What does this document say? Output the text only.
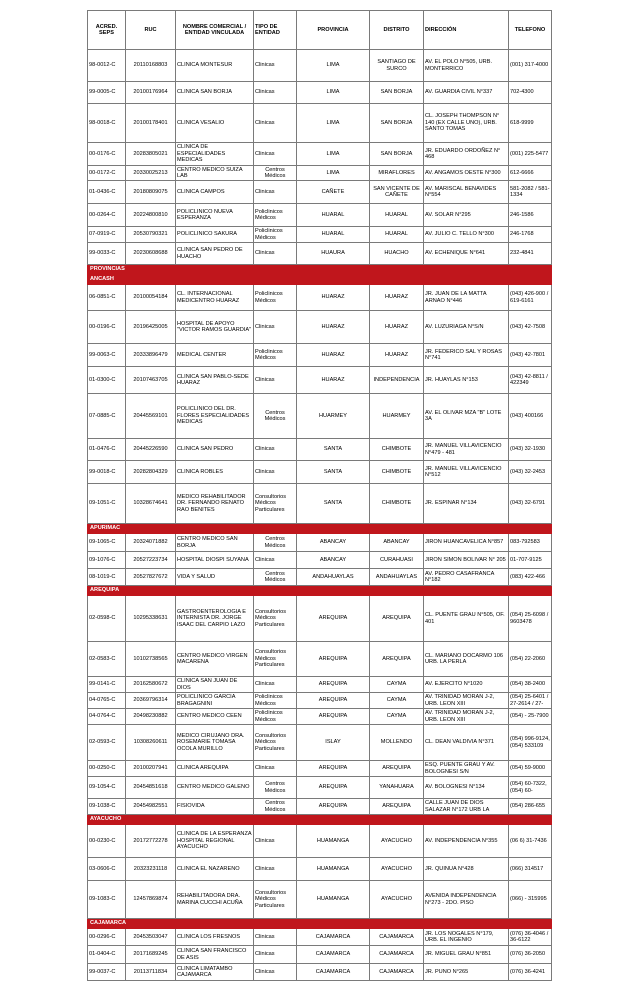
ACRED. SEPS	RUC	NOMBRE COMERCIAL / ENTIDAD VINCULADA	TIPO DE ENTIDAD	PROVINCIA	DISTRITO	DIRECCIÓN	TELEFONO
98-0012-C	20110168803	CLINICA MONTESUR	Clinicas	LIMA	SANTIAGO DE SURCO	AV. EL POLO N°505, URB. MONTERRICO	(001) 317-4000
99-0005-C	20100176964	CLINICA SAN BORJA	Clinicas	LIMA	SAN BORJA	AV. GUARDIA CIVIL N°337	702-4300
98-0018-C	20100178401	CLINICA VESALIO	Clinicas	LIMA	SAN BORJA	CL. JOSEPH THOMPSON N° 140 (EX CALLE UNO), URB. SANTO TOMAS	618-9999
00-0176-C	20283805021	CLINICA DE ESPECIALIDADES MEDICAS	Clinicas	LIMA	SAN BORJA	JR. EDUARDO ORDOÑEZ N° 468	(001) 225-5477
00-0172-C	20330025213	CENTRO MEDICO SUIZA LAB	Centros Médicos	LIMA	MIRAFLORES	AV. ANGAMOS OESTE N°300	612-6666
01-0436-C	20180809075	CLINICA CAMPOS	Clinicas	CAÑETE	SAN VICENTE DE CAÑETE	AV. MARISCAL BENAVIDES N°554	581-2082 / 581-1334
00-0264-C	20224800810	POLICLINICO NUEVA ESPERANZA	Policlinicos Médicos	HUARAL	HUARAL	AV. SOLAR N°295	246-1586
07-0919-C	20530790321	POLICLINICO SAKURA	Policlinicos Médicos	HUARAL	HUARAL	AV. JULIO C. TELLO N°300	246-1768
99-0033-C	20230608688	CLINICA SAN PEDRO DE HUACHO	Clinicas	HUAURA	HUACHO	AV. ECHENIQUE N°641	232-4841
PROVINCIAS							
ANCASH							
06-0851-C	20100054184	CL. INTERNACIONAL MEDICENTRO HUARAZ	Policlinicos Médicos	HUARAZ	HUARAZ	JR. JUAN DE LA MATTA ARNAO N°446	(043) 426-900 / 619-6161
00-0196-C	20196425005	HOSPITAL DE APOYO "VICTOR RAMOS GUARDIA"	Clinicas	HUARAZ	HUARAZ	AV. LUZURIAGA N°S/N	(043) 42-7508
99-0063-C	20333896479	MEDICAL CENTER	Policlinicos Médicos	HUARAZ	HUARAZ	JR. FEDERICO SAL Y ROSAS N°741	(043) 42-7801
01-0300-C	20107463705	CLINICA SAN PABLO-SEDE HUARAZ	Clinicas	HUARAZ	INDEPENDENCIA	JR. HUAYLAS N°153	(043) 42-8811 / 422349
07-0885-C	20445569101	POLICLINICO DEL DR. FLORES ESPECIALIDADES MEDICAS	Centros Médicos	HUARMEY	HUARMEY	AV. EL OLIVAR MZA "B" LOTE 3A	(043) 400166
01-0476-C	20445226590	CLINICA SAN PEDRO	Clinicas	SANTA	CHIMBOTE	JR. MANUEL VILLAVICENCIO N°479 - 481	(043) 32-1930
99-0018-C	20282804329	CLINICA ROBLES	Clinicas	SANTA	CHIMBOTE	JR. MANUEL VILLAVICENCIO N°512	(043) 32-2453
09-1051-C	10328674641	MEDICO REHABILITADOR DR. FERNANDO RENATO RAO BENITES	Consultorios Médicos Particulares	SANTA	CHIMBOTE	JR. ESPINAR N°134	(043) 32-6791
APURIMAC							
09-1065-C	20324071882	CENTRO MEDICO SAN BORJA	Centros Médicos	ABANCAY	ABANCAY	JIRON HUANCAVELICA N°857	083-792583
09-1076-C	20527223734	HOSPITAL DIOSPI SUYANA	Clinicas	ABANCAY	CURAHUASI	JIRON SIMON BOLIVAR N° 205	01-707-9125
08-1019-C	20527827672	VIDA Y SALUD	Centros Médicos	ANDAHUAYLAS	ANDAHUAYLAS	AV. PEDRO CASAFRANCA N°182	(083) 422-466
AREQUIPA							
02-0598-C	10295338631	GASTROENTEROLOGIA E INTERNISTA DR. JORGE ISAAC DEL CARPIO LAZO	Consultorios Médicos Particulares	AREQUIPA	AREQUIPA	CL. PUENTE GRAU N°505, OF. 401	(054) 25-6098 / 9603478
02-0583-C	10102738565	CENTRO MEDICO VIRGEN MACARENA	Consultorios Médicos Particulares	AREQUIPA	AREQUIPA	CL. MARIANO DOCARMO 106 URB. LA PERLA	(054) 22-2060
99-0141-C	20162580672	CLINICA SAN JUAN DE DIOS	Clinicas	AREQUIPA	CAYMA	AV. EJERCITO N°1020	(054) 38-2400
04-0765-C	20369796314	POLICLINICO GARCIA BRAGAGNINI	Policlinicos Médicos	AREQUIPA	CAYMA	AV. TRINIDAD MORAN J-2, URB. LEON XIII	(054) 25-6401 / 27-2614 / 27-
04-0764-C	20498230882	CENTRO MEDICO CEEN	Policlinicos Médicos	AREQUIPA	CAYMA	AV. TRINIDAD MORAN J-2, URB. LEON XIII	(054) - 25-7900
02-0593-C	10308260611	MEDICO CIRUJANO DRA. ROSEMARIE TOMASA OCOLA MURILLO	Consultorios Médicos Particulares	ISLAY	MOLLENDO	CL. DEAN VALDIVIA N°371	(054) 996-9124,(054) 533109
00-0250-C	20100207941	CLINICA AREQUIPA	Clinicas	AREQUIPA	AREQUIPA	ESQ. PUENTE GRAU Y AV. BOLOGNESI S/N	(054) 59-9000
09-1054-C	20454851618	CENTRO MEDICO GALENO	Centros Médicos	AREQUIPA	YANAHUARA	AV. BOLOGNESI N°134	(054) 60-7322,(054) 60-
09-1038-C	20454982551	FISIOVIDA	Centros Médicos	AREQUIPA	AREQUIPA	CALLE JUAN DE DIOS SALAZAR N°172 URB LA	(054) 286-655
AYACUCHO							
00-0230-C	20172772278	CLINICA DE LA ESPERANZA HOSPITAL REGIONAL AYACUCHO	Clinicas	HUAMANGA	AYACUCHO	AV. INDEPENDENCIA N°355	(06 6) 31-7436
03-0606-C	20323231118	CLINICA EL NAZARENO	Clinicas	HUAMANGA	AYACUCHO	JR. QUINUA N°428	(066) 314517
09-1083-C	12457869874	REHABILITADORA DRA. MARINA CUCCHI ACUÑA	Consultorios Médicos Particulares	HUAMANGA	AYACUCHO	AVENIDA INDEPENDENCIA N°273 - 2DO. PISO	(066) - 315995
CAJAMARCA							
00-0296-C	20453503047	CLINICA LOS FRESNOS	Clinicas	CAJAMARCA	CAJAMARCA	JR. LOS NOGALES N°179, URB. EL INGENIO	(076) 36-4046 / 36-6122
01-0404-C	20171689245	CLINICA SAN FRANCISCO DE ASIS	Clinicas	CAJAMARCA	CAJAMARCA	JR. MIGUEL GRAU N°851	(076) 36-2050
99-0037-C	20113711834	CLINICA LIMATAMBO CAJAMARCA	Clinicas	CAJAMARCA	CAJAMARCA	JR. PUNO N°265	(076) 36-4241
